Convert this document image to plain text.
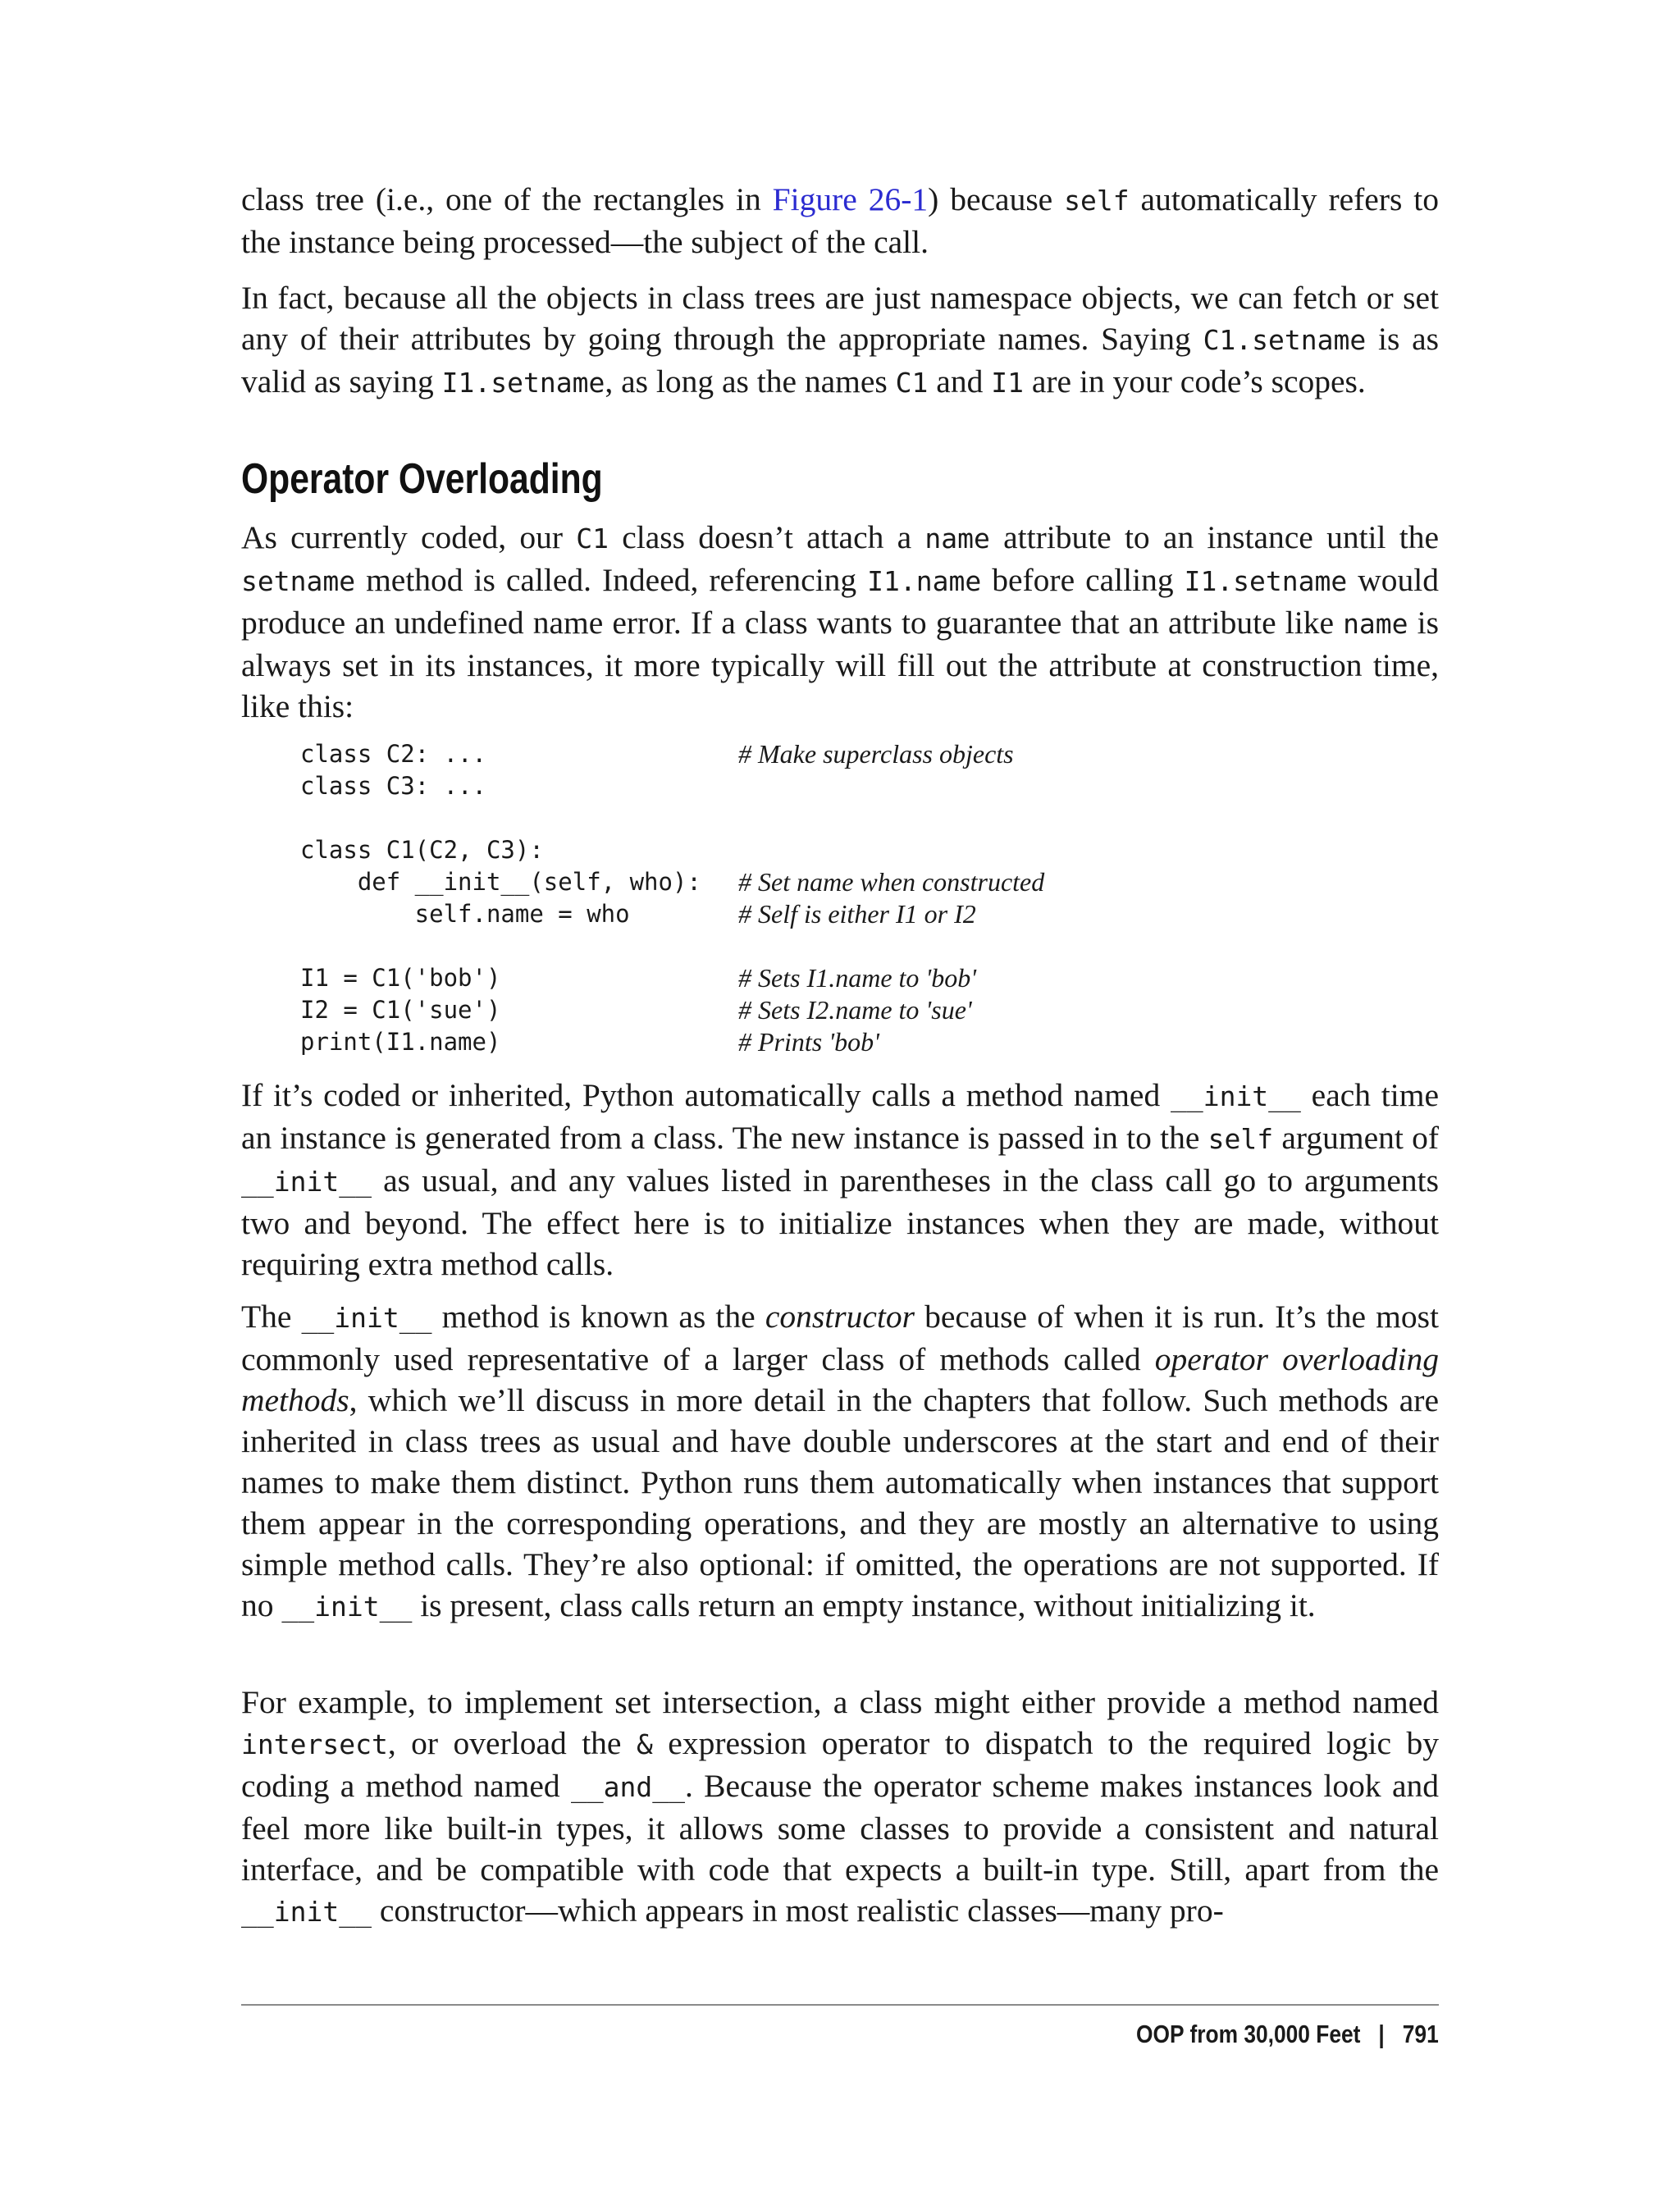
class tree (i.e., one of the rectangles in Figure 26-1) because self automatically refers to the instance being processed—the subject of the call.

In fact, because all the objects in class trees are just namespace objects, we can fetch or set any of their attributes by going through the appropriate names. Saying C1.setname is as valid as saying I1.setname, as long as the names C1 and I1 are in your code’s scopes.

Operator Overloading

As currently coded, our C1 class doesn’t attach a name attribute to an instance until the setname method is called. Indeed, referencing I1.name before calling I1.setname would produce an undefined name error. If a class wants to guarantee that an attribute like name is always set in its instances, it more typically will fill out the attribute at construction time, like this:

class C2: ...	# Make superclass objects
class C3: ...
class C1(C2, C3):
def __init__(self, who): # Set name when constructed
self.name = who	# Self is either I1 or I2
I1 = C1('bob')	# Sets I1.name to 'bob'
I2 = C1('sue')	# Sets I2.name to 'sue'
print(I1.name)	# Prints 'bob'

If it’s coded or inherited, Python automatically calls a method named __init__ each time an instance is generated from a class. The new instance is passed in to the self argument of __init__ as usual, and any values listed in parentheses in the class call go to arguments two and beyond. The effect here is to initialize instances when they are made, without requiring extra method calls.

The __init__ method is known as the constructor because of when it is run. It’s the most commonly used representative of a larger class of methods called operator overloading methods, which we’ll discuss in more detail in the chapters that follow. Such methods are inherited in class trees as usual and have double underscores at the start and end of their names to make them distinct. Python runs them automatically when instances that support them appear in the corresponding operations, and they are mostly an alternative to using simple method calls. They’re also optional: if omitted, the operations are not supported. If no __init__ is present, class calls return an empty instance, without initializing it.

For example, to implement set intersection, a class might either provide a method named intersect, or overload the & expression operator to dispatch to the required logic by coding a method named __and__. Because the operator scheme makes instances look and feel more like built-in types, it allows some classes to provide a consistent and natural interface, and be compatible with code that expects a built-in type. Still, apart from the __init__ constructor—which appears in most realistic classes—many pro-

OOP from 30,000 Feet | 791
